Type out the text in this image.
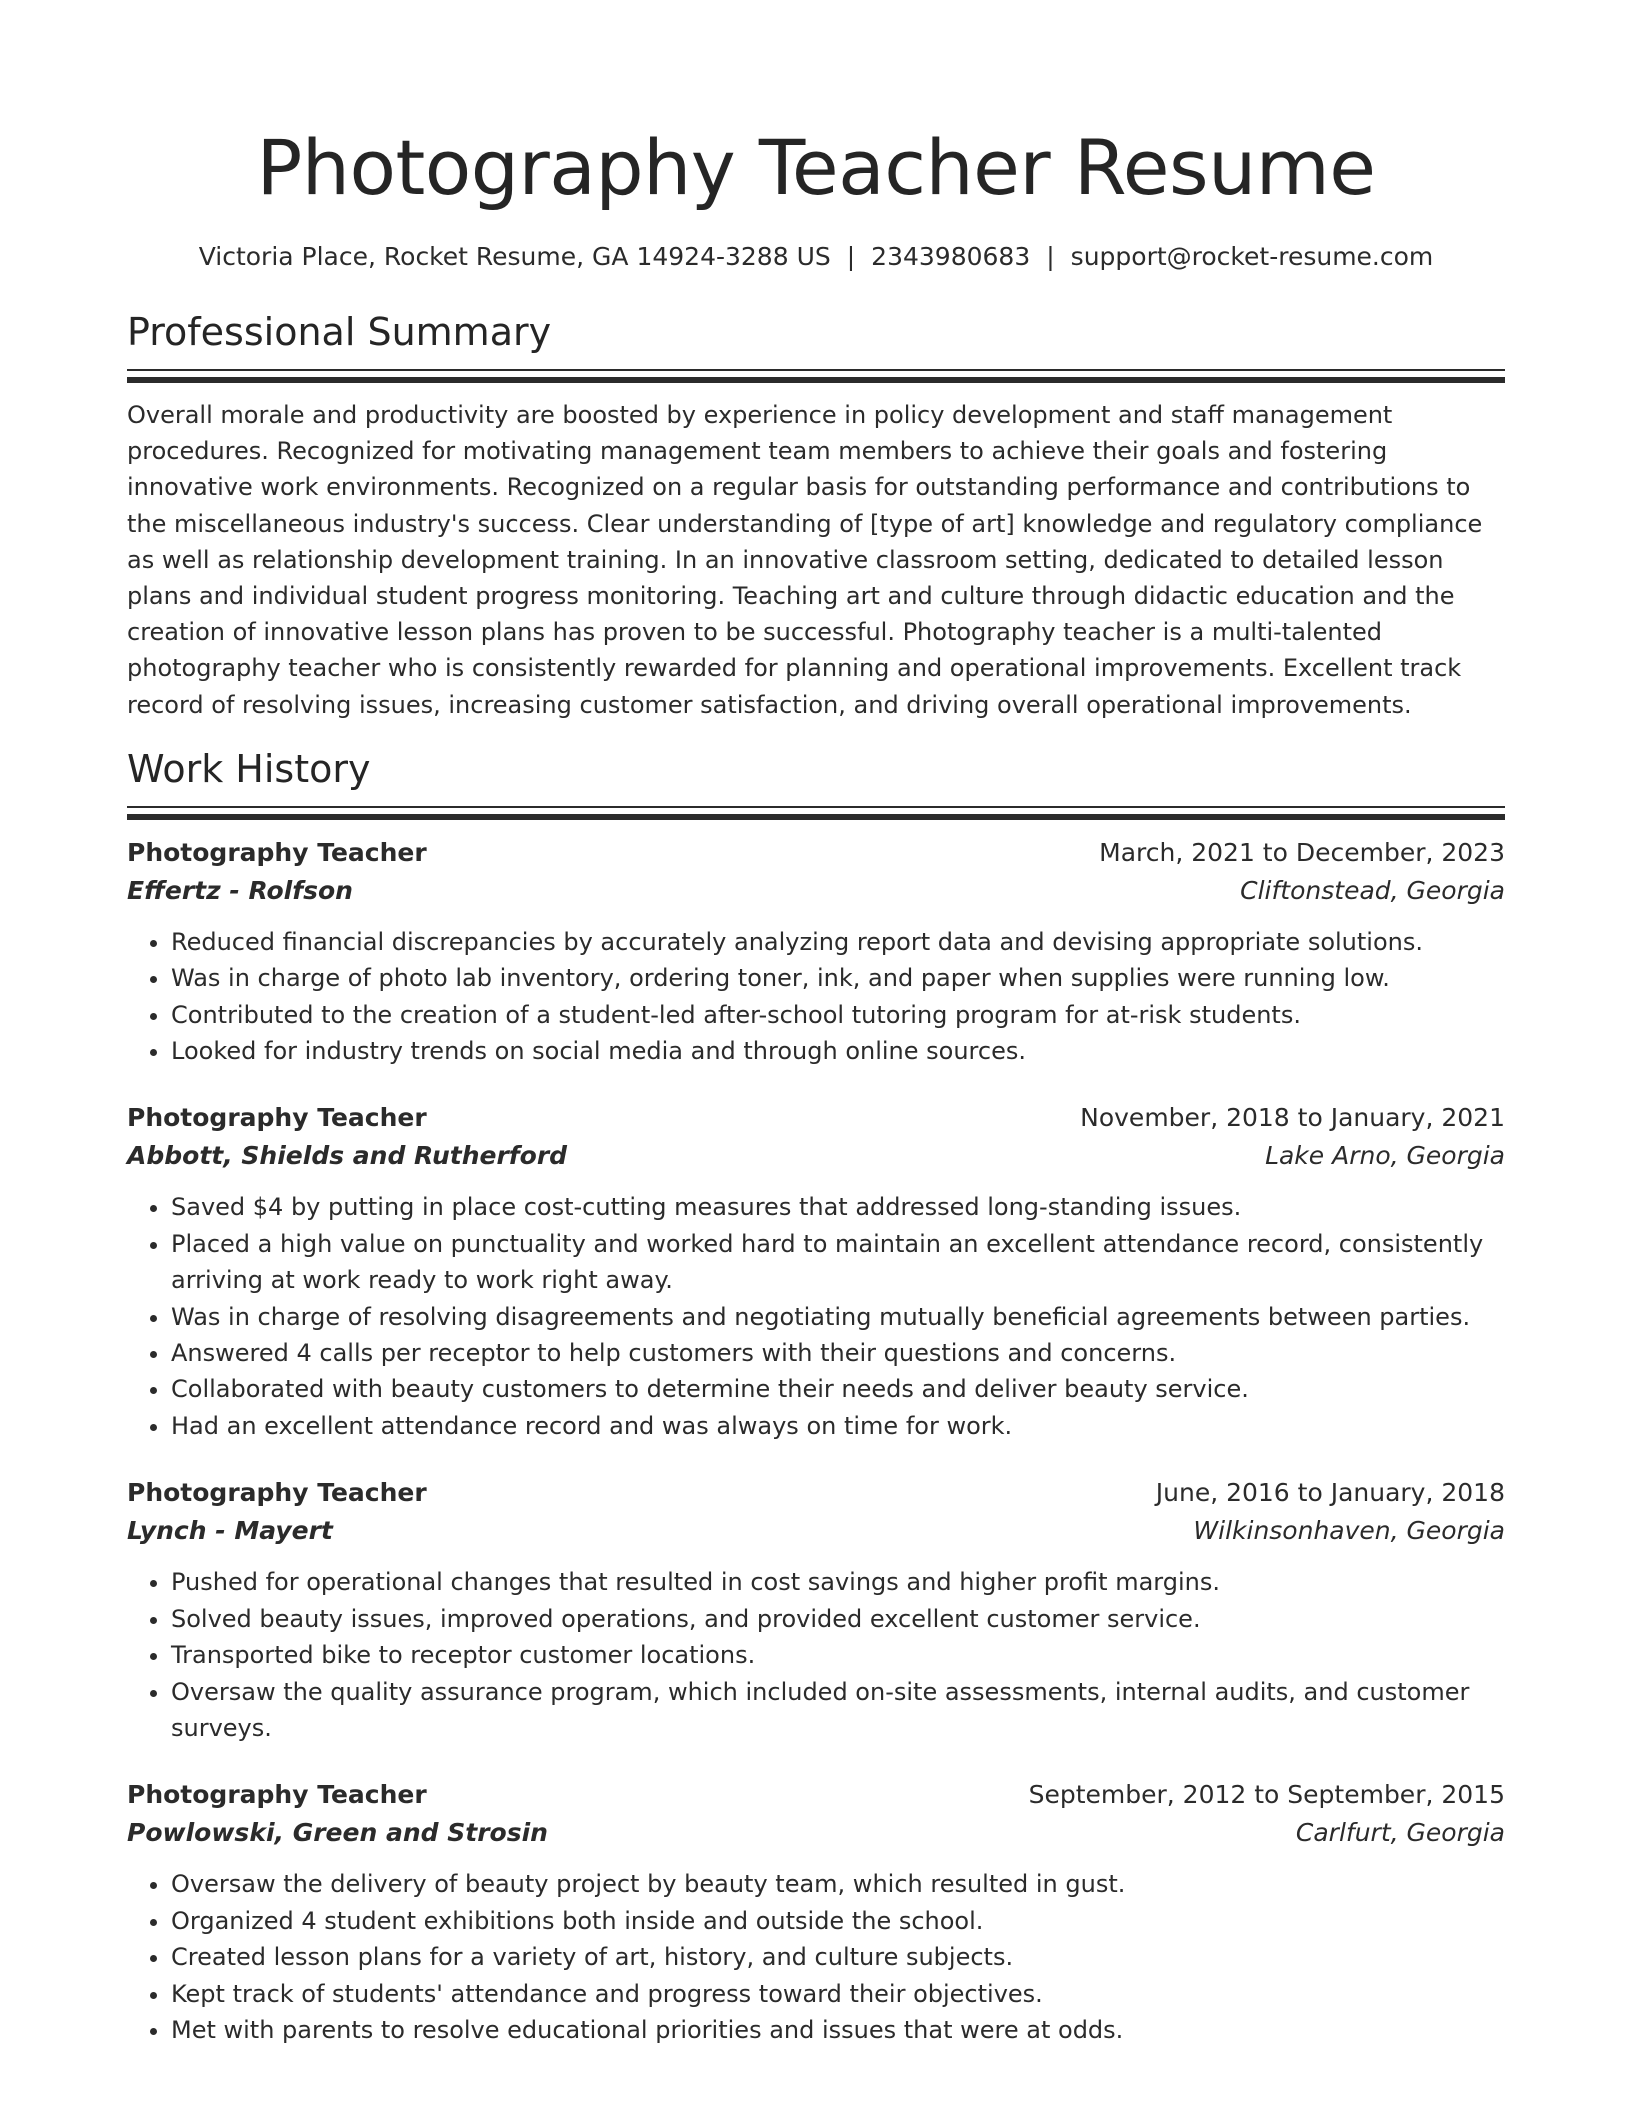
Photography Teacher Resume
Victoria Place, Rocket Resume, GA 14924-3288 US | 2343980683 | support@rocket-resume.com
Professional Summary

Overall morale and productivity are boosted by experience in policy development and staff management procedures. Recognized for motivating management team members to achieve their goals and fostering innovative work environments. Recognized on a regular basis for outstanding performance and contributions to the miscellaneous industry's success. Clear understanding of [type of art] knowledge and regulatory compliance as well as relationship development training. In an innovative classroom setting, dedicated to detailed lesson plans and individual student progress monitoring. Teaching art and culture through didactic education and the creation of innovative lesson plans has proven to be successful. Photography teacher is a multi-talented photography teacher who is consistently rewarded for planning and operational improvements. Excellent track record of resolving issues, increasing customer satisfaction, and driving overall operational improvements.

Work History
Photography Teacher	March, 2021 to December, 2023
Effertz - Rolfson	Cliftonstead, Georgia
• Reduced financial discrepancies by accurately analyzing report data and devising appropriate solutions.
• Was in charge of photo lab inventory, ordering toner, ink, and paper when supplies were running low.
• Contributed to the creation of a student-led after-school tutoring program for at-risk students.
• Looked for industry trends on social media and through online sources.
Photography Teacher	November, 2018 to January, 2021
Abbott, Shields and Rutherford	Lake Arno, Georgia
• Saved $4 by putting in place cost-cutting measures that addressed long-standing issues.
• Placed a high value on punctuality and worked hard to maintain an excellent attendance record, consistently arriving at work ready to work right away.
• Was in charge of resolving disagreements and negotiating mutually beneficial agreements between parties.
• Answered 4 calls per receptor to help customers with their questions and concerns.
• Collaborated with beauty customers to determine their needs and deliver beauty service.
• Had an excellent attendance record and was always on time for work.
Photography Teacher	June, 2016 to January, 2018
Lynch - Mayert	Wilkinsonhaven, Georgia
• Pushed for operational changes that resulted in cost savings and higher profit margins.
• Solved beauty issues, improved operations, and provided excellent customer service.
• Transported bike to receptor customer locations.
• Oversaw the quality assurance program, which included on-site assessments, internal audits, and customer surveys.
Photography Teacher	September, 2012 to September, 2015
Powlowski, Green and Strosin	Carlfurt, Georgia
• Oversaw the delivery of beauty project by beauty team, which resulted in gust.
• Organized 4 student exhibitions both inside and outside the school.
• Created lesson plans for a variety of art, history, and culture subjects.
• Kept track of students' attendance and progress toward their objectives.
• Met with parents to resolve educational priorities and issues that were at odds.
